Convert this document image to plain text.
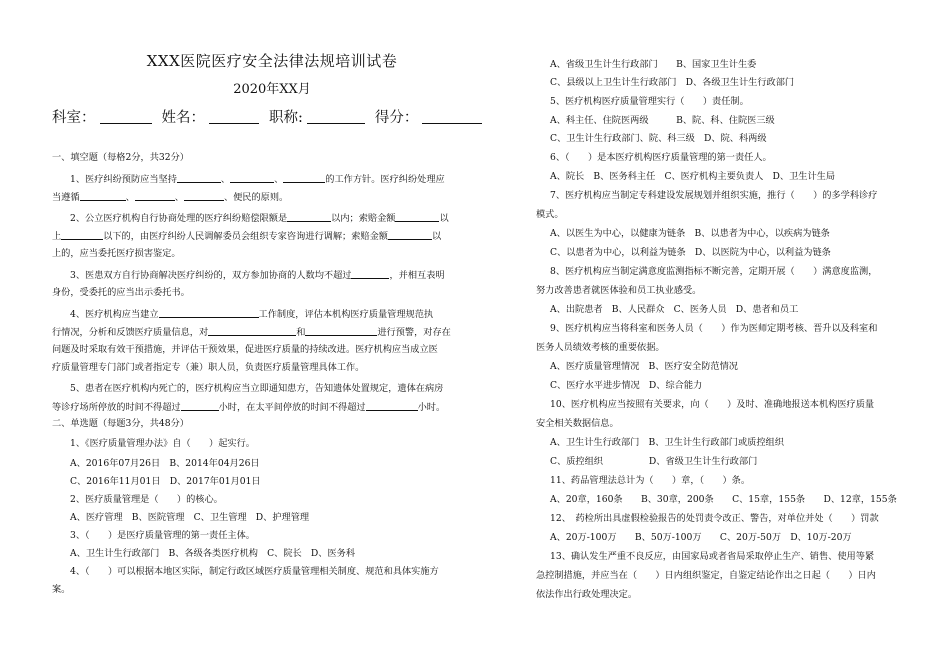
XXX医院医疗安全法律法规培训试卷
2020年XX月
科室：	姓名：	职称:	得分：
一、填空题（每格2分，共32分）
1、医疗纠纷预防应当坚持	、	、	的工作方针。医疗纠纷处理应
当遵循	、	、	、便民的原则。
2、公立医疗机构自行协商处理的医疗纠纷赔偿限额是	以内；索赔金额	以
上	以下的，由医疗纠纷人民调解委员会组织专家咨询进行调解；索赔金额	以
上的，应当委托医疗损害鉴定。
3、医患双方自行协商解决医疗纠纷的，双方参加协商的人数均不超过	，并相互表明
身份，受委托的应当出示委托书。
4、医疗机构应当建立	工作制度，评估本机构医疗质量管理规范执
行情况，分析和反馈医疗质量信息，对	和	进行预警，对存在
问题及时采取有效干预措施，并评估干预效果，促进医疗质量的持续改进。医疗机构应当成立医
疗质量管理专门部门或者指定专（兼）职人员，负责医疗质量管理具体工作。
5、患者在医疗机构内死亡的，医疗机构应当立即通知患方，告知遗体处置规定，遗体在病房
等诊疗场所停放的时间不得超过	小时，在太平间停放的时间不得超过	小时。
二、单选题（每题3分，共48分）
1、《医疗质量管理办法》自（　　）起实行。
A、2016年07月26日　B、2014年04月26日
C、2016年11月01日　D、2017年01月01日
2、医疗质量管理是（　　）的核心。
A、医疗管理　B、医院管理　C、卫生管理　D、护理管理
3、（　　）是医疗质量管理的第一责任主体。
A、卫生计生行政部门　B、各级各类医疗机构　C、院长　D、医务科
4、（　　）可以根据本地区实际，制定行政区域医疗质量管理相关制度、规范和具体实施方
案。
A、省级卫生计生行政部门　　B、国家卫生计生委
C、县级以上卫生计生行政部门　D、各级卫生计生行政部门
5、医疗机构医疗质量管理实行（　　）责任制。
A、科主任、住院医两级　　　B、院、科、住院医三级
C、卫生计生行政部门、院、科三级　D、院、科两级
6、（　　）是本医疗机构医疗质量管理的第一责任人。
A、院长　B、医务科主任　C、医疗机构主要负责人　D、卫生计生局
7、医疗机构应当制定专科建设发展规划并组织实施，推行（　　）的多学科诊疗
模式。
A、以医生为中心，以健康为链条　B、以患者为中心，以疾病为链条
C、以患者为中心，以利益为链条　D、以医院为中心，以利益为链条
8、医疗机构应当制定满意度监测指标不断完善，定期开展（　　）满意度监测，
努力改善患者就医体验和员工执业感受。
A、出院患者　B、人民群众　C、医务人员　D、患者和员工
9、医疗机构应当将科室和医务人员（　　）作为医师定期考核、晋升以及科室和
医务人员绩效考核的重要依据。
A、医疗质量管理情况　B、医疗安全防范情况
C、医疗水平进步情况　D、综合能力
10、医疗机构应当按照有关要求，向（　　）及时、准确地报送本机构医疗质量
安全相关数据信息。
A、卫生计生行政部门　B、卫生计生行政部门或质控组织
C、质控组织　　　　　D、省级卫生计生行政部门
11、药品管理法总计为（　　）章，（　　）条。
A、20章，160条　　B、30章，200条　　C、15章，155条　　D、12章，155条
12、　药检所出具虚假检验报告的处罚责令改正、警告，对单位并处（　　）罚款
A、20万-100万　　B、50万-100万　　C、20万-50万　D、10万-20万
13、确认发生严重不良反应，由国家局或者省局采取停止生产、销售、使用等紧
急控制措施，并应当在（　　）日内组织鉴定，自鉴定结论作出之日起（　　）日内
依法作出行政处理决定。
